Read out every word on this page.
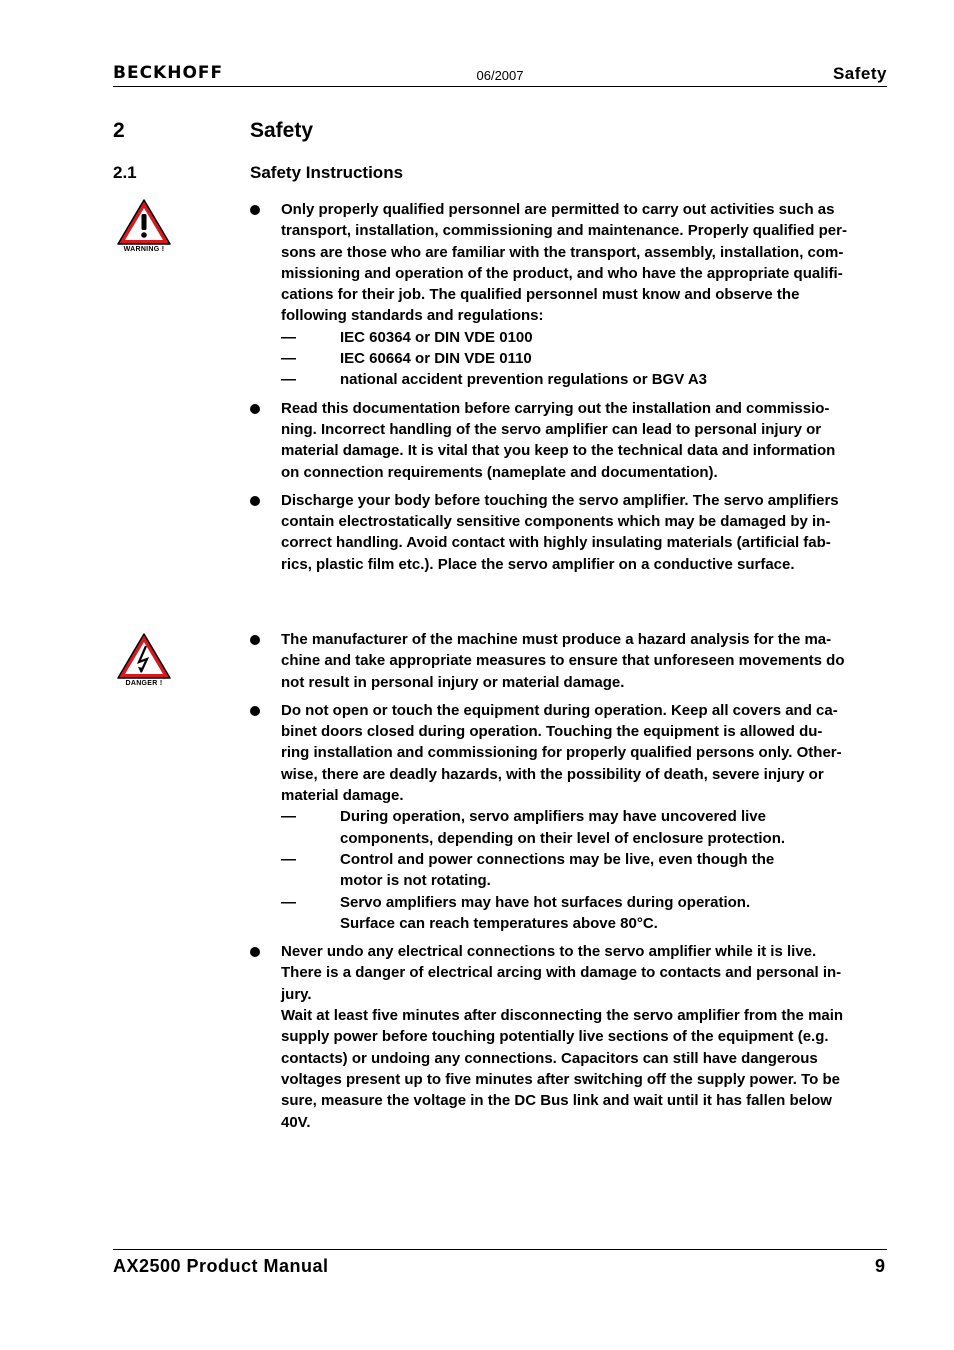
BECKHOFF	06/2007	Safety
2	Safety
2.1	Safety Instructions
WARNING !
DANGER !
Only properly qualified personnel are permitted to carry out activities such as
transport, installation, commissioning and maintenance. Properly qualified per-
sons are those who are familiar with the transport, assembly, installation, com-
missioning and operation of the product, and who have the appropriate qualifi-
cations for their job. The qualified personnel must know and observe the
following standards and regulations:
—	IEC 60364 or DIN VDE 0100
—	IEC 60664 or DIN VDE 0110
—	national accident prevention regulations or BGV A3
Read this documentation before carrying out the installation and commissio-
ning. Incorrect handling of the servo amplifier can lead to personal injury or
material damage. It is vital that you keep to the technical data and information
on connection requirements (nameplate and documentation).
Discharge your body before touching the servo amplifier. The servo amplifiers
contain electrostatically sensitive components which may be damaged by in-
correct handling. Avoid contact with highly insulating materials (artificial fab-
rics, plastic film etc.). Place the servo amplifier on a conductive surface.
The manufacturer of the machine must produce a hazard analysis for the ma-
chine and take appropriate measures to ensure that unforeseen movements do
not result in personal injury or material damage.
Do not open or touch the equipment during operation. Keep all covers and ca-
binet doors closed during operation. Touching the equipment is allowed du-
ring installation and commissioning for properly qualified persons only. Other-
wise, there are deadly hazards, with the possibility of death, severe injury or
material damage.
—	During operation, servo amplifiers may have uncovered live
components, depending on their level of enclosure protection.
—	Control and power connections may be live, even though the
motor is not rotating.
—	Servo amplifiers may have hot surfaces during operation.
Surface can reach temperatures above 80°C.
Never undo any electrical connections to the servo amplifier while it is live.
There is a danger of electrical arcing with damage to contacts and personal in-
jury.
Wait at least five minutes after disconnecting the servo amplifier from the main
supply power before touching potentially live sections of the equipment (e.g.
contacts) or undoing any connections. Capacitors can still have dangerous
voltages present up to five minutes after switching off the supply power. To be
sure, measure the voltage in the DC Bus link and wait until it has fallen below
40V.
AX2500 Product Manual	9
